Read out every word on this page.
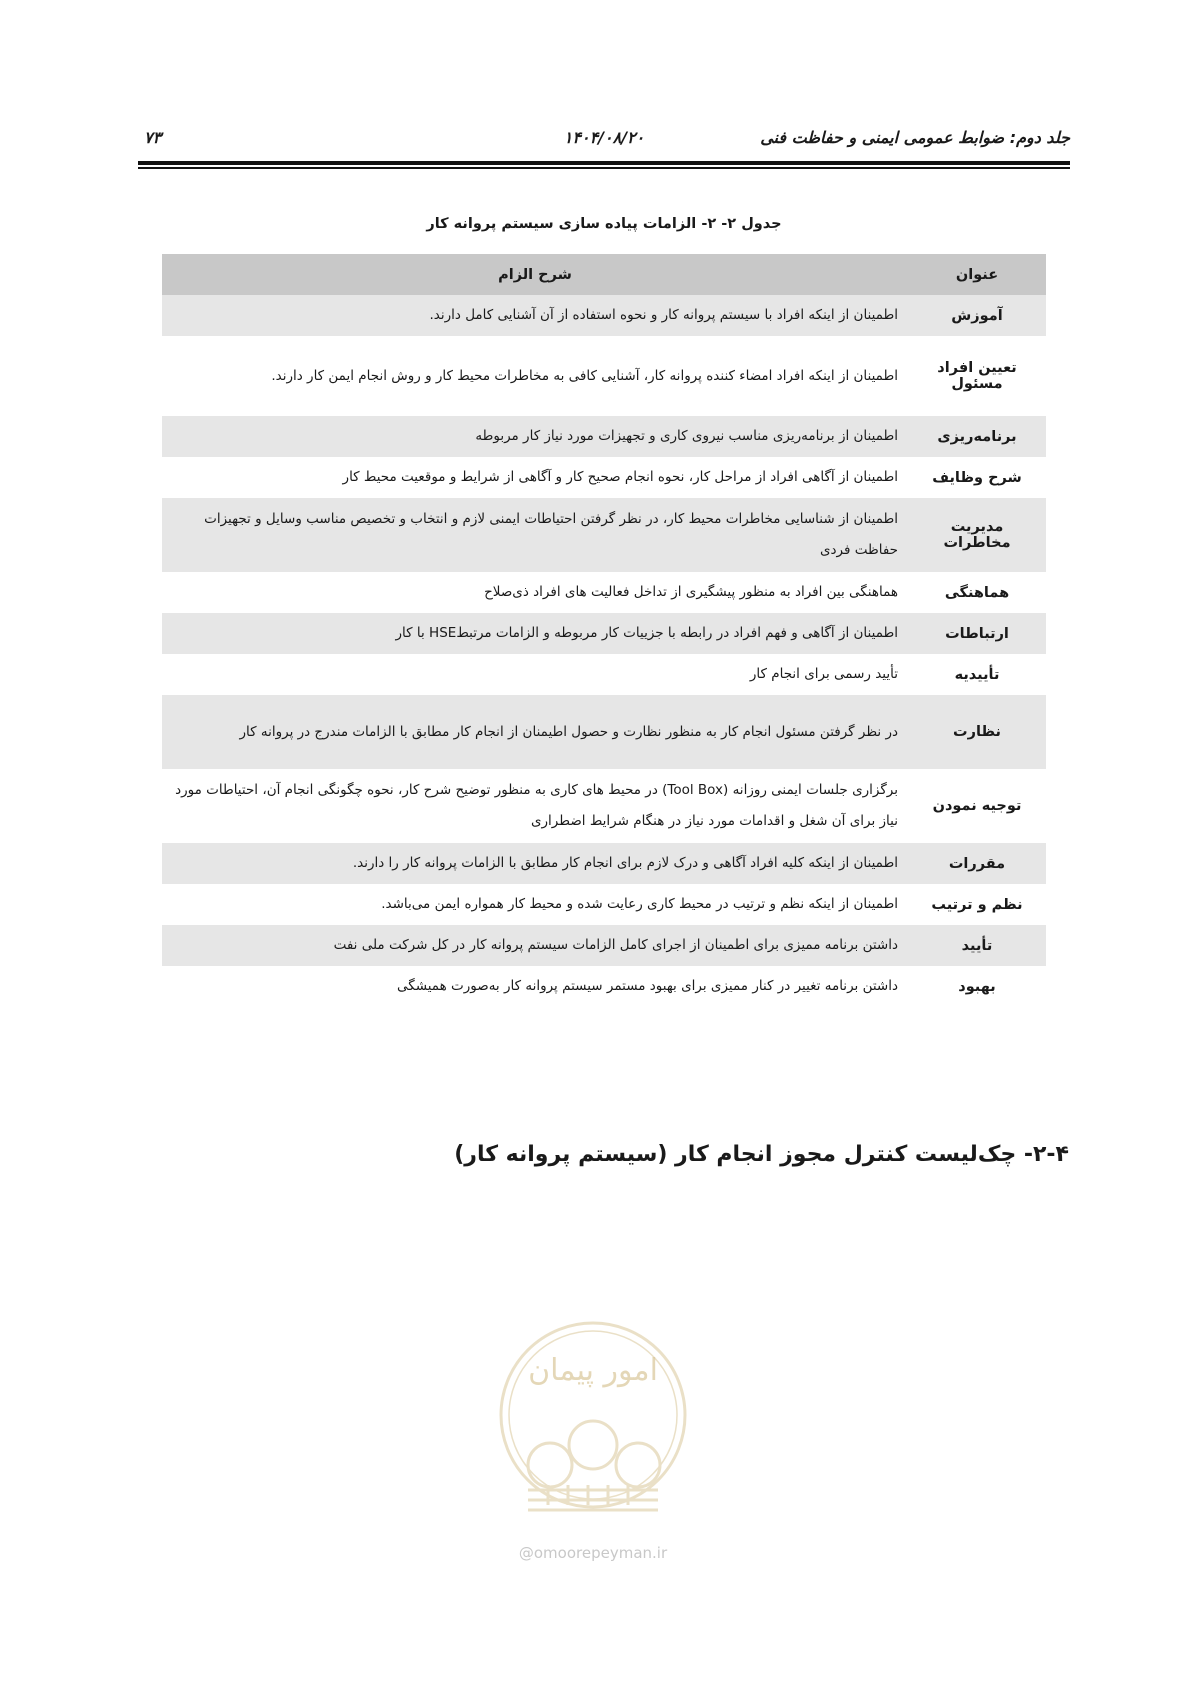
جلد دوم: ضوابط عمومی ایمنی و حفاظت فنی
۱۴۰۴/۰۸/۲۰
۷۳
جدول ۲- ۲- الزامات پیاده سازی سیستم پروانه کار
عنوان	شرح الزام
آموزش	اطمینان از اینکه افراد با سیستم پروانه کار و نحوه استفاده از آن آشنایی کامل دارند.
تعیین افراد مسئول	اطمینان از اینکه افراد امضاء کننده پروانه کار، آشنایی کافی به مخاطرات محیط کار و روش انجام ایمن کار دارند.
برنامه‌ریزی	اطمینان از برنامه‌ریزی مناسب نیروی کاری و تجهیزات مورد نیاز کار مربوطه
شرح وظایف	اطمینان از آگاهی افراد از مراحل کار، نحوه انجام صحیح کار و آگاهی از شرایط و موقعیت محیط کار
مدیریت مخاطرات	اطمینان از شناسایی مخاطرات محیط کار، در نظر گرفتن احتیاطات ایمنی لازم و انتخاب و تخصیص مناسب وسایل و تجهیزات حفاظت فردی
هماهنگی	هماهنگی بین افراد به منظور پیشگیری از تداخل فعالیت های افراد ذی‌صلاح
ارتباطات	اطمینان از آگاهی و فهم افراد در رابطه با جزییات کار مربوطه و الزامات مرتبطHSE با کار
تأییدیه	تأیید رسمی برای انجام کار
نظارت	در نظر گرفتن مسئول انجام کار به منظور نظارت و حصول اطیمنان از انجام کار مطابق با الزامات مندرج در پروانه کار
توجیه نمودن	برگزاری جلسات ایمنی روزانه (Tool Box) در محیط های کاری به منظور توضیح شرح کار، نحوه چگونگی انجام آن، احتیاطات مورد نیاز برای آن شغل و اقدامات مورد نیاز در هنگام شرایط اضطراری
مقررات	اطمینان از اینکه کلیه افراد آگاهی و درک لازم برای انجام کار مطابق با الزامات پروانه کار را دارند.
نظم و ترتیب	اطمینان از اینکه نظم و ترتیب در محیط کاری رعایت شده و محیط کار همواره ایمن می‌باشد.
تأیید	داشتن برنامه ممیزی برای اطمینان از اجرای کامل الزامات سیستم پروانه کار در کل شرکت ملی نفت
بهبود	داشتن برنامه تغییر در کنار ممیزی برای بهبود مستمر سیستم پروانه کار به‌صورت همیشگی
۲-۴- چک‌لیست کنترل مجوز انجام کار (سیستم پروانه کار)
امور پیمان
@omoorepeyman.ir
